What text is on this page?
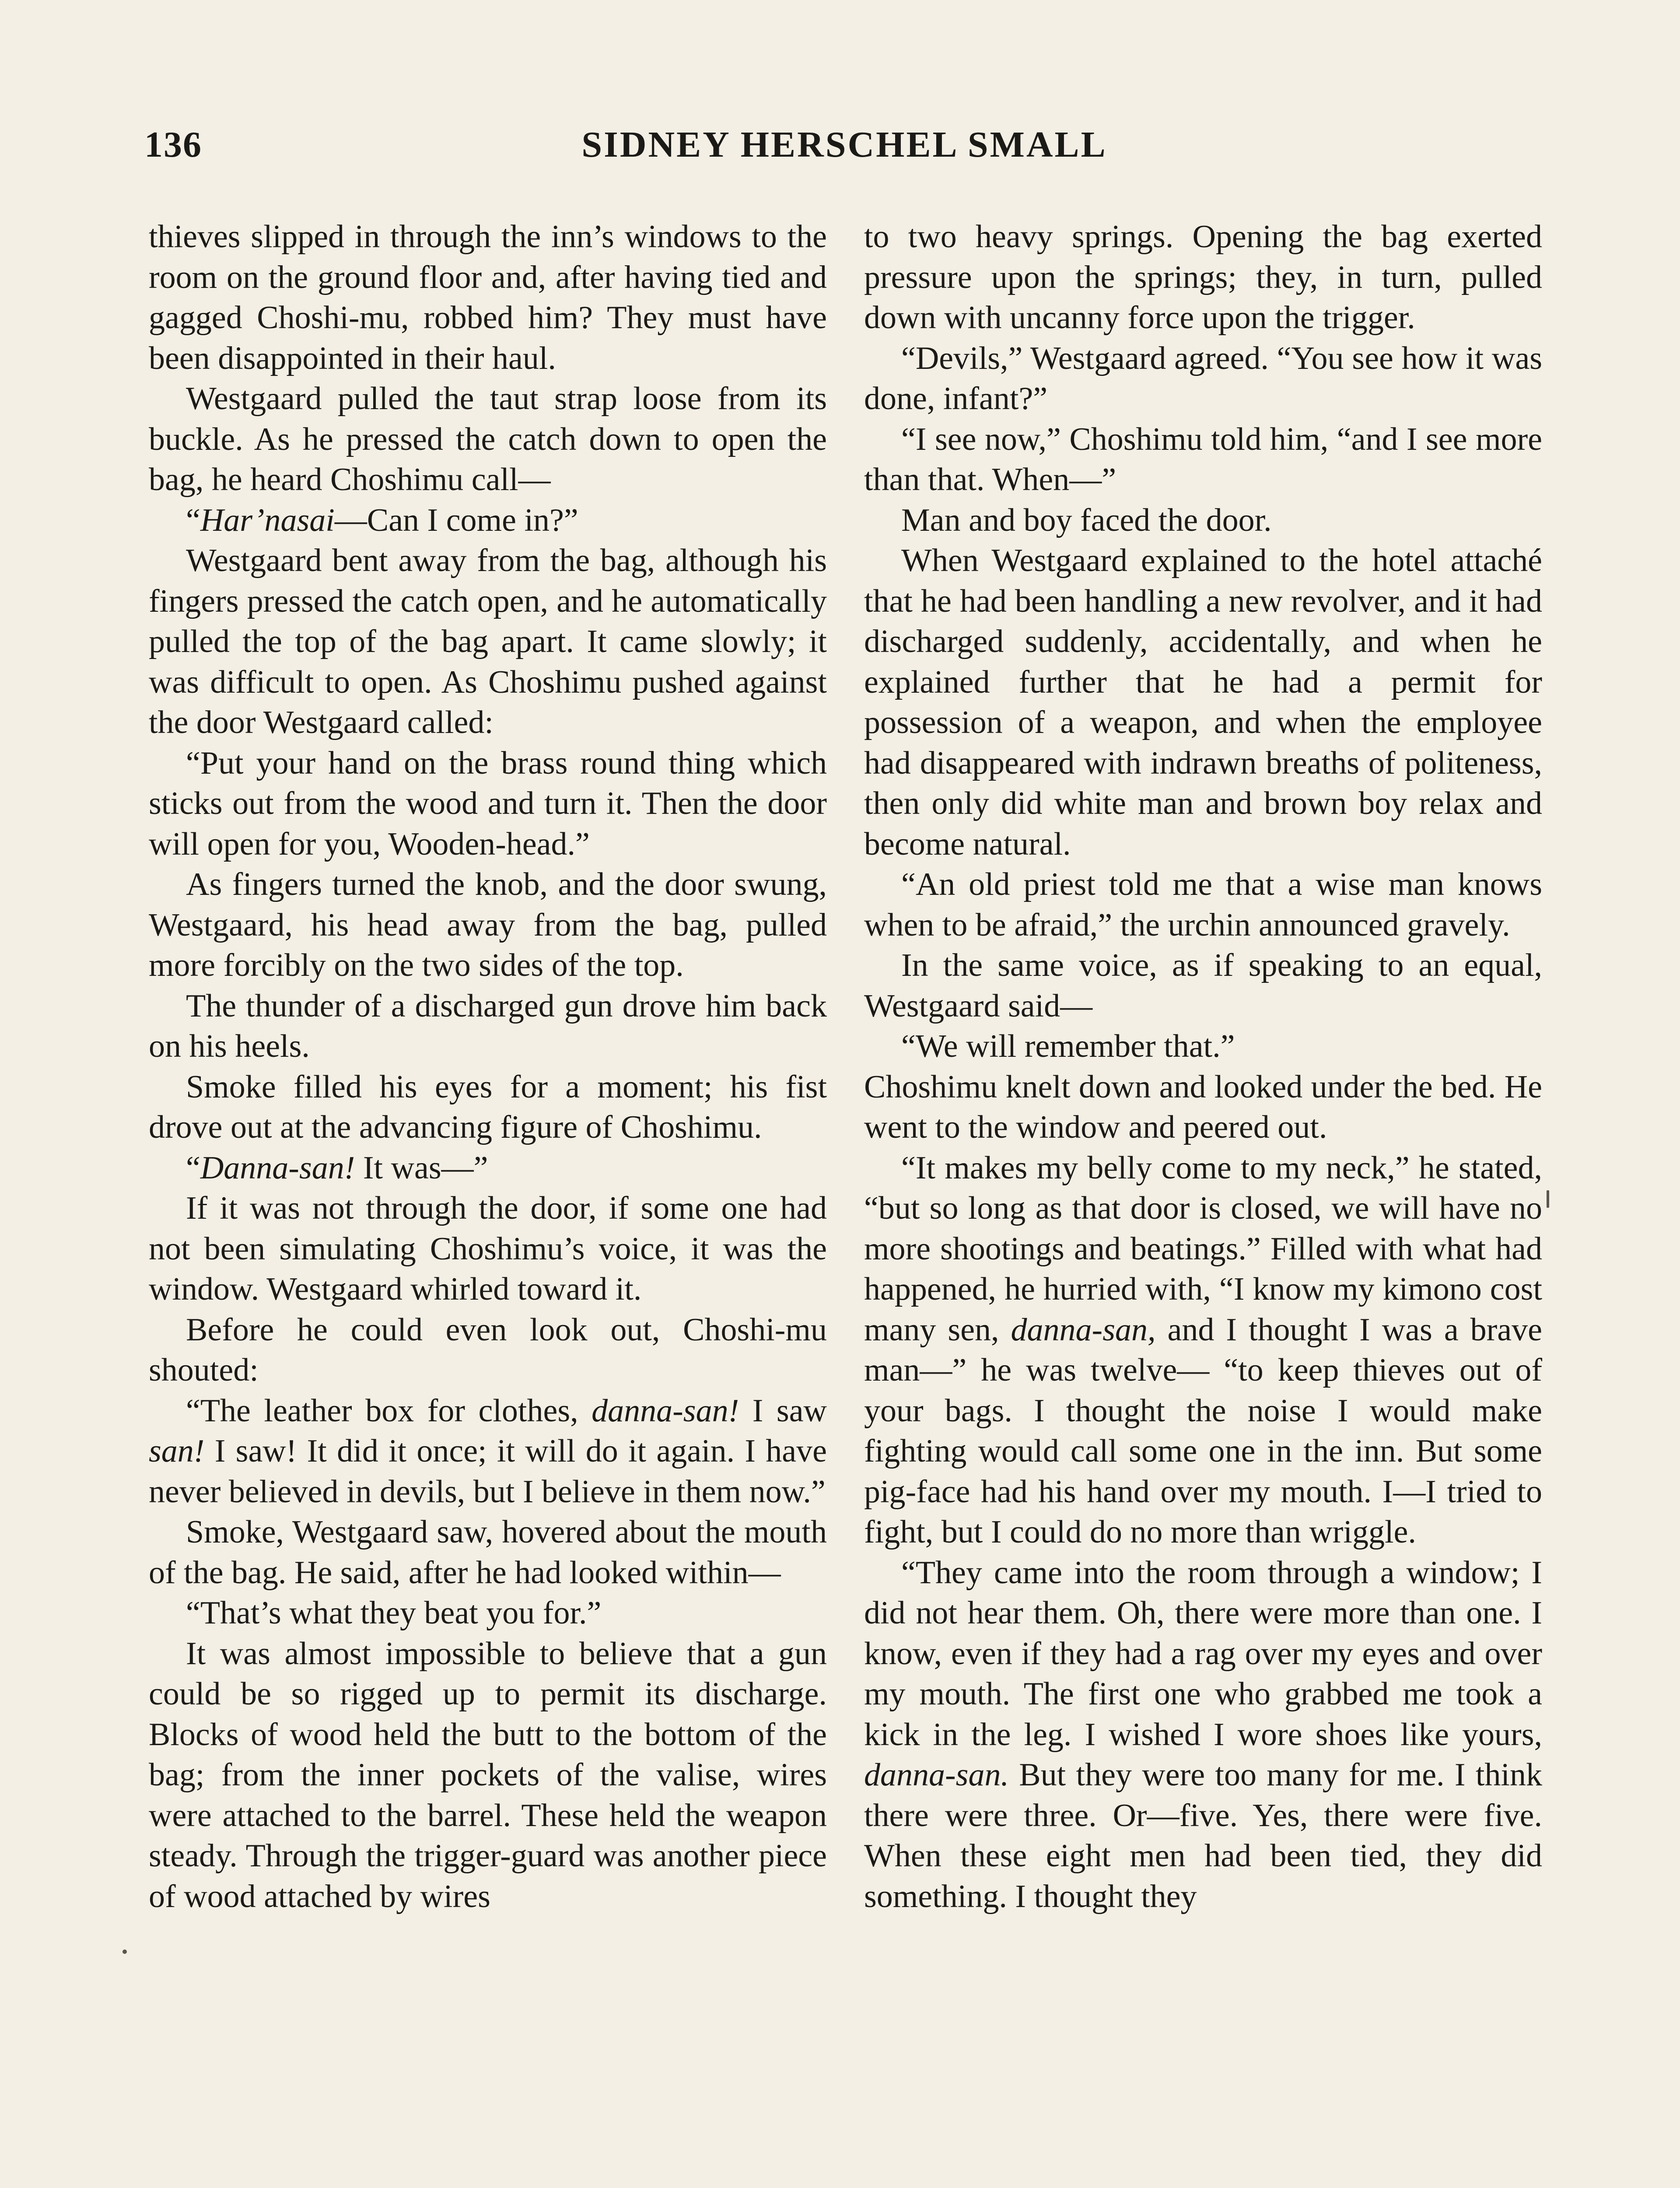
136	SIDNEY HERSCHEL SMALL

thieves slipped in through the inn’s windows to the room on the ground floor and, after having tied and gagged Choshi-mu, robbed him? They must have been disappointed in their haul.

Westgaard pulled the taut strap loose from its buckle. As he pressed the catch down to open the bag, he heard Choshimu call—

“Har’nasai—Can I come in?”

Westgaard bent away from the bag, although his fingers pressed the catch open, and he automatically pulled the top of the bag apart. It came slowly; it was difficult to open. As Choshimu pushed against the door Westgaard called:

“Put your hand on the brass round thing which sticks out from the wood and turn it. Then the door will open for you, Wooden-head.”

As fingers turned the knob, and the door swung, Westgaard, his head away from the bag, pulled more forcibly on the two sides of the top.

The thunder of a discharged gun drove him back on his heels.

Smoke filled his eyes for a moment; his fist drove out at the advancing figure of Choshimu.

“Danna-san! It was—”

If it was not through the door, if some one had not been simulating Choshimu’s voice, it was the window. Westgaard whirled toward it.

Before he could even look out, Choshi-mu shouted:

“The leather box for clothes, danna-san! I saw san! I saw! It did it once; it will do it again. I have never believed in devils, but I believe in them now.”

Smoke, Westgaard saw, hovered about the mouth of the bag. He said, after he had looked within—

“That’s what they beat you for.”

It was almost impossible to believe that a gun could be so rigged up to permit its discharge. Blocks of wood held the butt to the bottom of the bag; from the inner pockets of the valise, wires were attached to the barrel. These held the weapon steady. Through the trigger-guard was another piece of wood attached by wires

to two heavy springs. Opening the bag exerted pressure upon the springs; they, in turn, pulled down with uncanny force upon the trigger.

“Devils,” Westgaard agreed. “You see how it was done, infant?”

“I see now,” Choshimu told him, “and I see more than that. When—”

Man and boy faced the door.

When Westgaard explained to the hotel attaché that he had been handling a new revolver, and it had discharged suddenly, accidentally, and when he explained further that he had a permit for possession of a weapon, and when the employee had disappeared with indrawn breaths of politeness, then only did white man and brown boy relax and become natural.

“An old priest told me that a wise man knows when to be afraid,” the urchin announced gravely.

In the same voice, as if speaking to an equal, Westgaard said—

“We will remember that.”

Choshimu knelt down and looked under the bed. He went to the window and peered out.

“It makes my belly come to my neck,” he stated, “but so long as that door is closed, we will have no more shootings and beatings.” Filled with what had happened, he hurried with, “I know my kimono cost many sen, danna-san, and I thought I was a brave man—” he was twelve— “to keep thieves out of your bags. I thought the noise I would make fighting would call some one in the inn. But some pig-face had his hand over my mouth. I—I tried to fight, but I could do no more than wriggle.

“They came into the room through a window; I did not hear them. Oh, there were more than one. I know, even if they had a rag over my eyes and over my mouth. The first one who grabbed me took a kick in the leg. I wished I wore shoes like yours, danna-san. But they were too many for me. I think there were three. Or—five. Yes, there were five. When these eight men had been tied, they did something. I thought they
